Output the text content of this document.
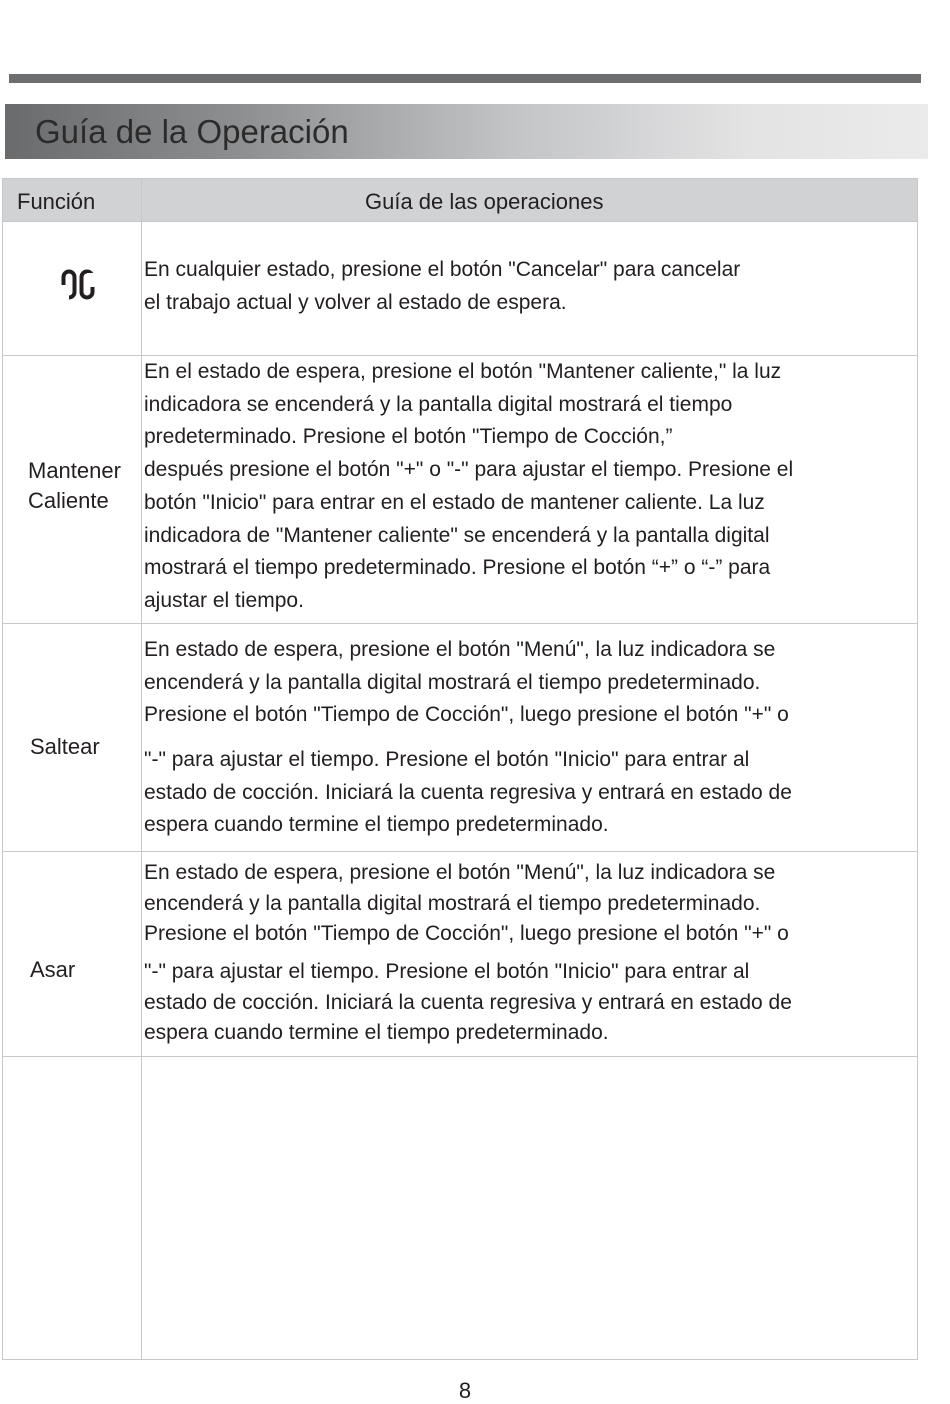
Guía de la Operación
Función	Guía de las operaciones
En cualquier estado, presione el botón "Cancelar" para cancelar
el trabajo actual y volver al estado de espera.
Mantener
Caliente
En el estado de espera, presione el botón "Mantener caliente," la luz
indicadora se encenderá y la pantalla digital mostrará el tiempo
predeterminado. Presione el botón "Tiempo de Cocción,”
después presione el botón "+" o "-" para ajustar el tiempo. Presione el
botón "Inicio" para entrar en el estado de mantener caliente. La luz
indicadora de "Mantener caliente" se encenderá y la pantalla digital
mostrará el tiempo predeterminado. Presione el botón “+” o “-” para
ajustar el tiempo.
Saltear
En estado de espera, presione el botón "Menú", la luz indicadora se
encenderá y la pantalla digital mostrará el tiempo predeterminado.
Presione el botón "Tiempo de Cocción", luego presione el botón "+" o
"-" para ajustar el tiempo. Presione el botón "Inicio" para entrar al
estado de cocción. Iniciará la cuenta regresiva y entrará en estado de
espera cuando termine el tiempo predeterminado.
Asar
En estado de espera, presione el botón "Menú", la luz indicadora se
encenderá y la pantalla digital mostrará el tiempo predeterminado.
Presione el botón "Tiempo de Cocción", luego presione el botón "+" o
"-" para ajustar el tiempo. Presione el botón "Inicio" para entrar al
estado de cocción. Iniciará la cuenta regresiva y entrará en estado de
espera cuando termine el tiempo predeterminado.
8
